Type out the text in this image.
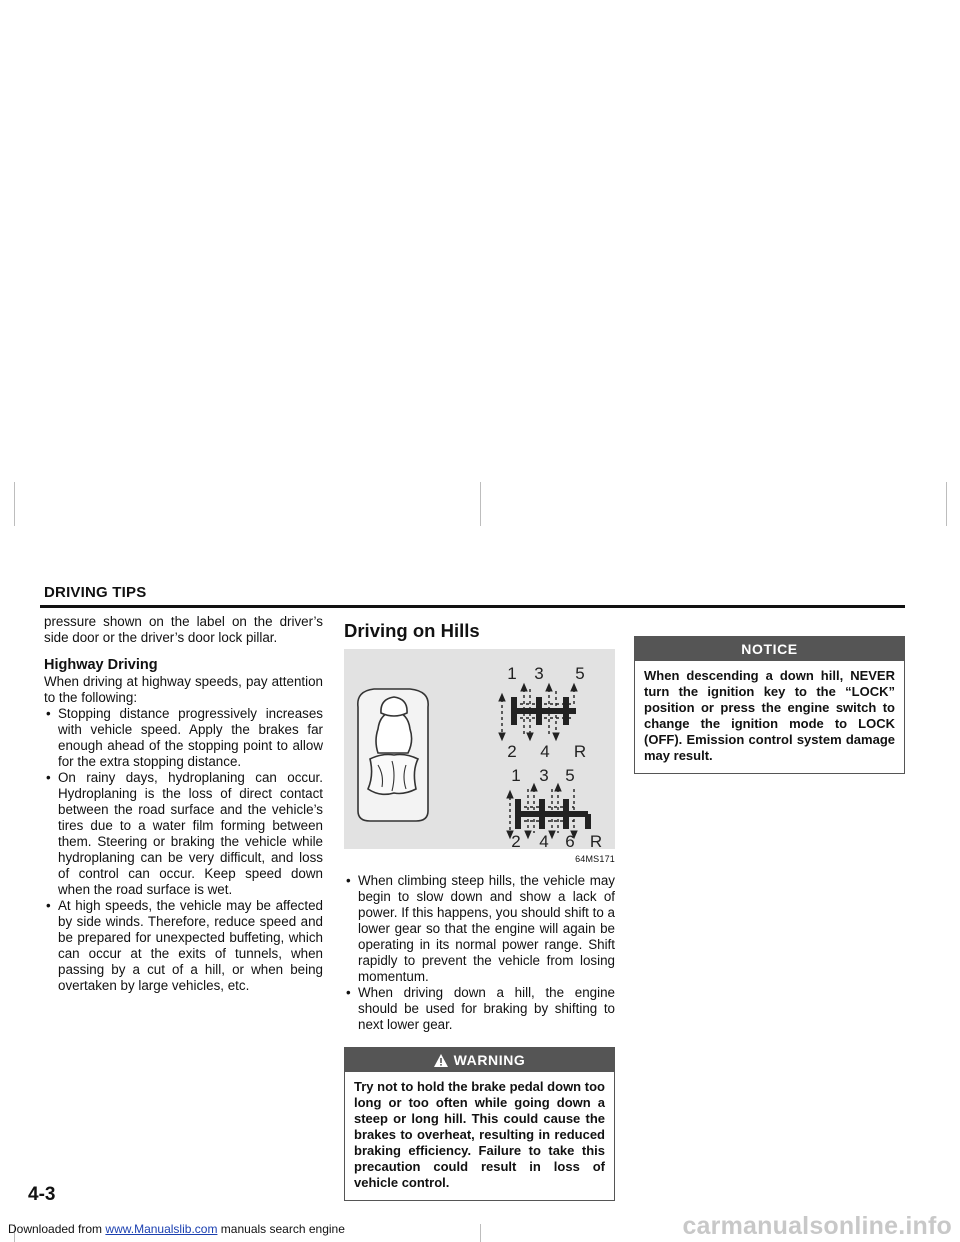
DRIVING TIPS

pressure shown on the label on the driver’s side door or the driver’s door lock pillar.

Highway Driving

When driving at highway speeds, pay attention to the following:

• Stopping distance progressively increases with vehicle speed. Apply the brakes far enough ahead of the stopping point to allow for the extra stopping distance.
• On rainy days, hydroplaning can occur. Hydroplaning is the loss of direct contact between the road surface and the vehicle’s tires due to a water film forming between them. Steering or braking the vehicle while hydroplaning can be very difficult, and loss of control can occur. Keep speed down when the road surface is wet.
• At high speeds, the vehicle may be affected by side winds. Therefore, reduce speed and be prepared for unexpected buffeting, which can occur at the exits of tunnels, when passing by a cut of a hill, or when being overtaken by large vehicles, etc.
Driving on Hills
1 3 5
2 4 R
1 3 5
2 4 6 R
64MS171
• When climbing steep hills, the vehicle may begin to slow down and show a lack of power. If this happens, you should shift to a lower gear so that the engine will again be operating in its normal power range. Shift rapidly to prevent the vehicle from losing momentum.
• When driving down a hill, the engine should be used for braking by shifting to next lower gear.
WARNING
Try not to hold the brake pedal down too long or too often while going down a steep or long hill. This could cause the brakes to overheat, resulting in reduced braking efficiency. Failure to take this precaution could result in loss of vehicle control.
NOTICE
When descending a down hill, NEVER turn the ignition key to the “LOCK” position or press the engine switch to change the ignition mode to LOCK (OFF). Emission control system damage may result.
4-3
Downloaded from www.Manualslib.com manuals search engine	carmanualsonline.info
